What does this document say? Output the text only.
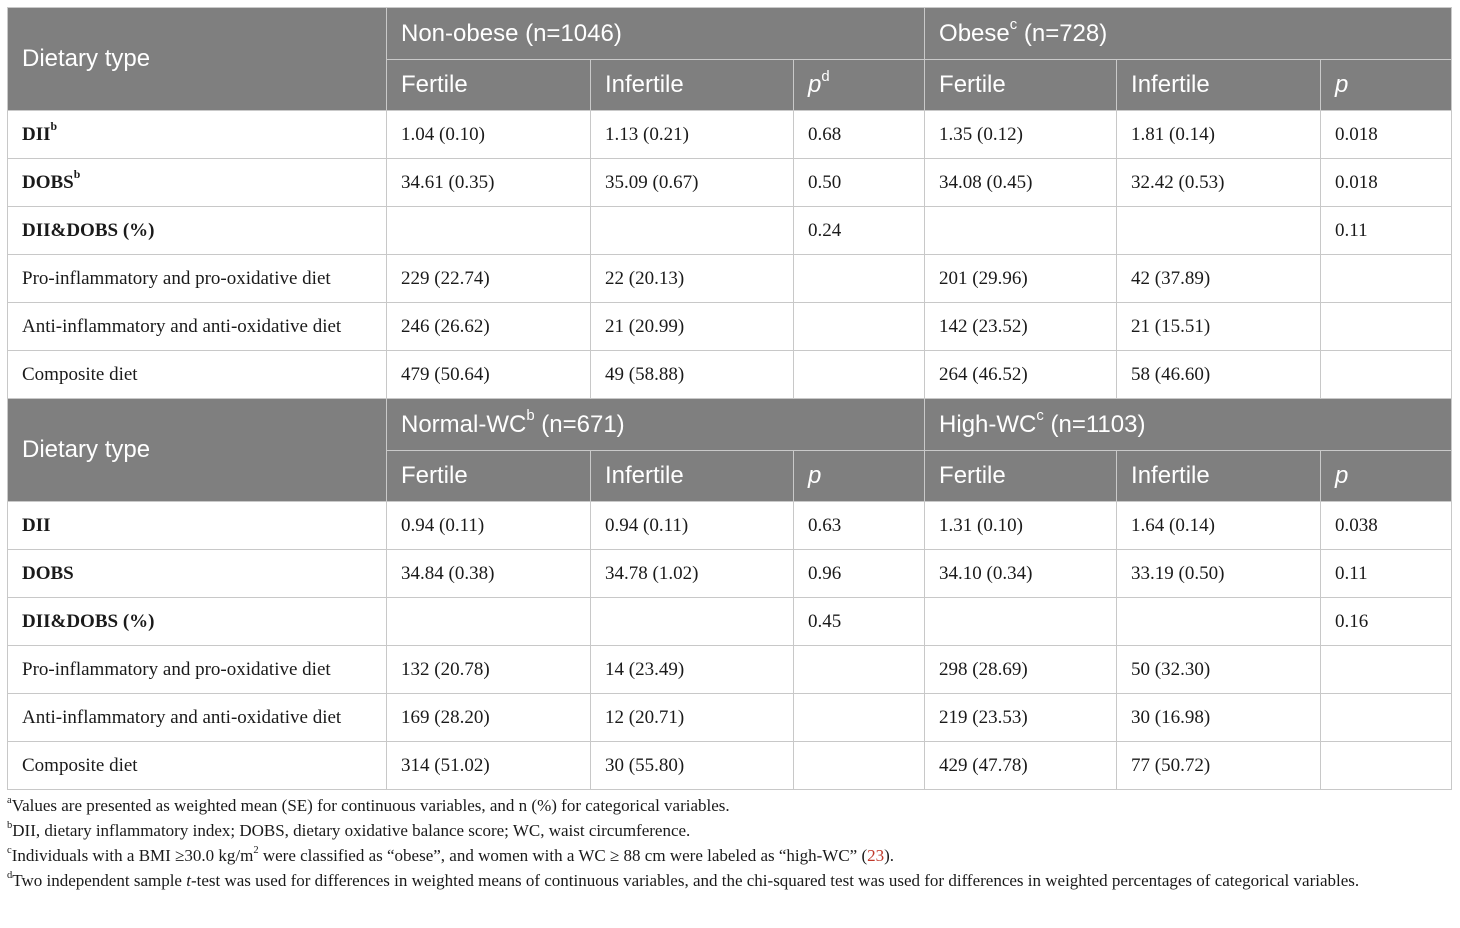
Dietary type	Non-obese (n=1046)			Obese$^c$ (n=728)		
	Fertile	Infertile	$p^d$	Fertile	Infertile	p
DII$^b$	1.04 (0.10)	1.13 (0.21)	0.68	1.35 (0.12)	1.81 (0.14)	0.018
DOBS$^b$	34.61 (0.35)	35.09 (0.67)	0.50	34.08 (0.45)	32.42 (0.53)	0.018
DII&DOBS (%)			0.24			0.11
Pro-inflammatory and pro-oxidative diet	229 (22.74)	22 (20.13)		201 (29.96)	42 (37.89)	
Anti-inflammatory and anti-oxidative diet	246 (26.62)	21 (20.99)		142 (23.52)	21 (15.51)	
Composite diet	479 (50.64)	49 (58.88)		264 (46.52)	58 (46.60)	
Dietary type	Normal-$WC^b$ (n=671)			High-$WC^c$ (n=1103)		
	Fertile	Infertile	p	Fertile	Infertile	p
DII	0.94 (0.11)	0.94 (0.11)	0.63	1.31 (0.10)	1.64 (0.14)	0.038
DOBS	34.84 (0.38)	34.78 (1.02)	0.96	34.10 (0.34)	33.19 (0.50)	0.11
DII&DOBS (%)			0.45			0.16
Pro-inflammatory and pro-oxidative diet	132 (20.78)	14 (23.49)		298 (28.69)	50 (32.30)	
Anti-inflammatory and anti-oxidative diet	169 (28.20)	12 (20.71)		219 (23.53)	30 (16.98)	
Composite diet	314 (51.02)	30 (55.80)		429 (47.78)	77 (50.72)	

$^a$Values are presented as weighted mean (SE) for continuous variables, and n (%) for categorical variables.

$^b$DII, dietary inflammatory index; DOBS, dietary oxidative balance score; WC, waist circumference.

$^c$Individuals with a BMI ≥30.0 $kg/m^2$ were classified as “obese”, and women with a WC ≥ 88 cm were labeled as “high-WC” (23).

$^d$Two independent sample t-test was used for differences in weighted means of continuous variables, and the chi-squared test was used for differences in weighted percentages of categorical variables.
